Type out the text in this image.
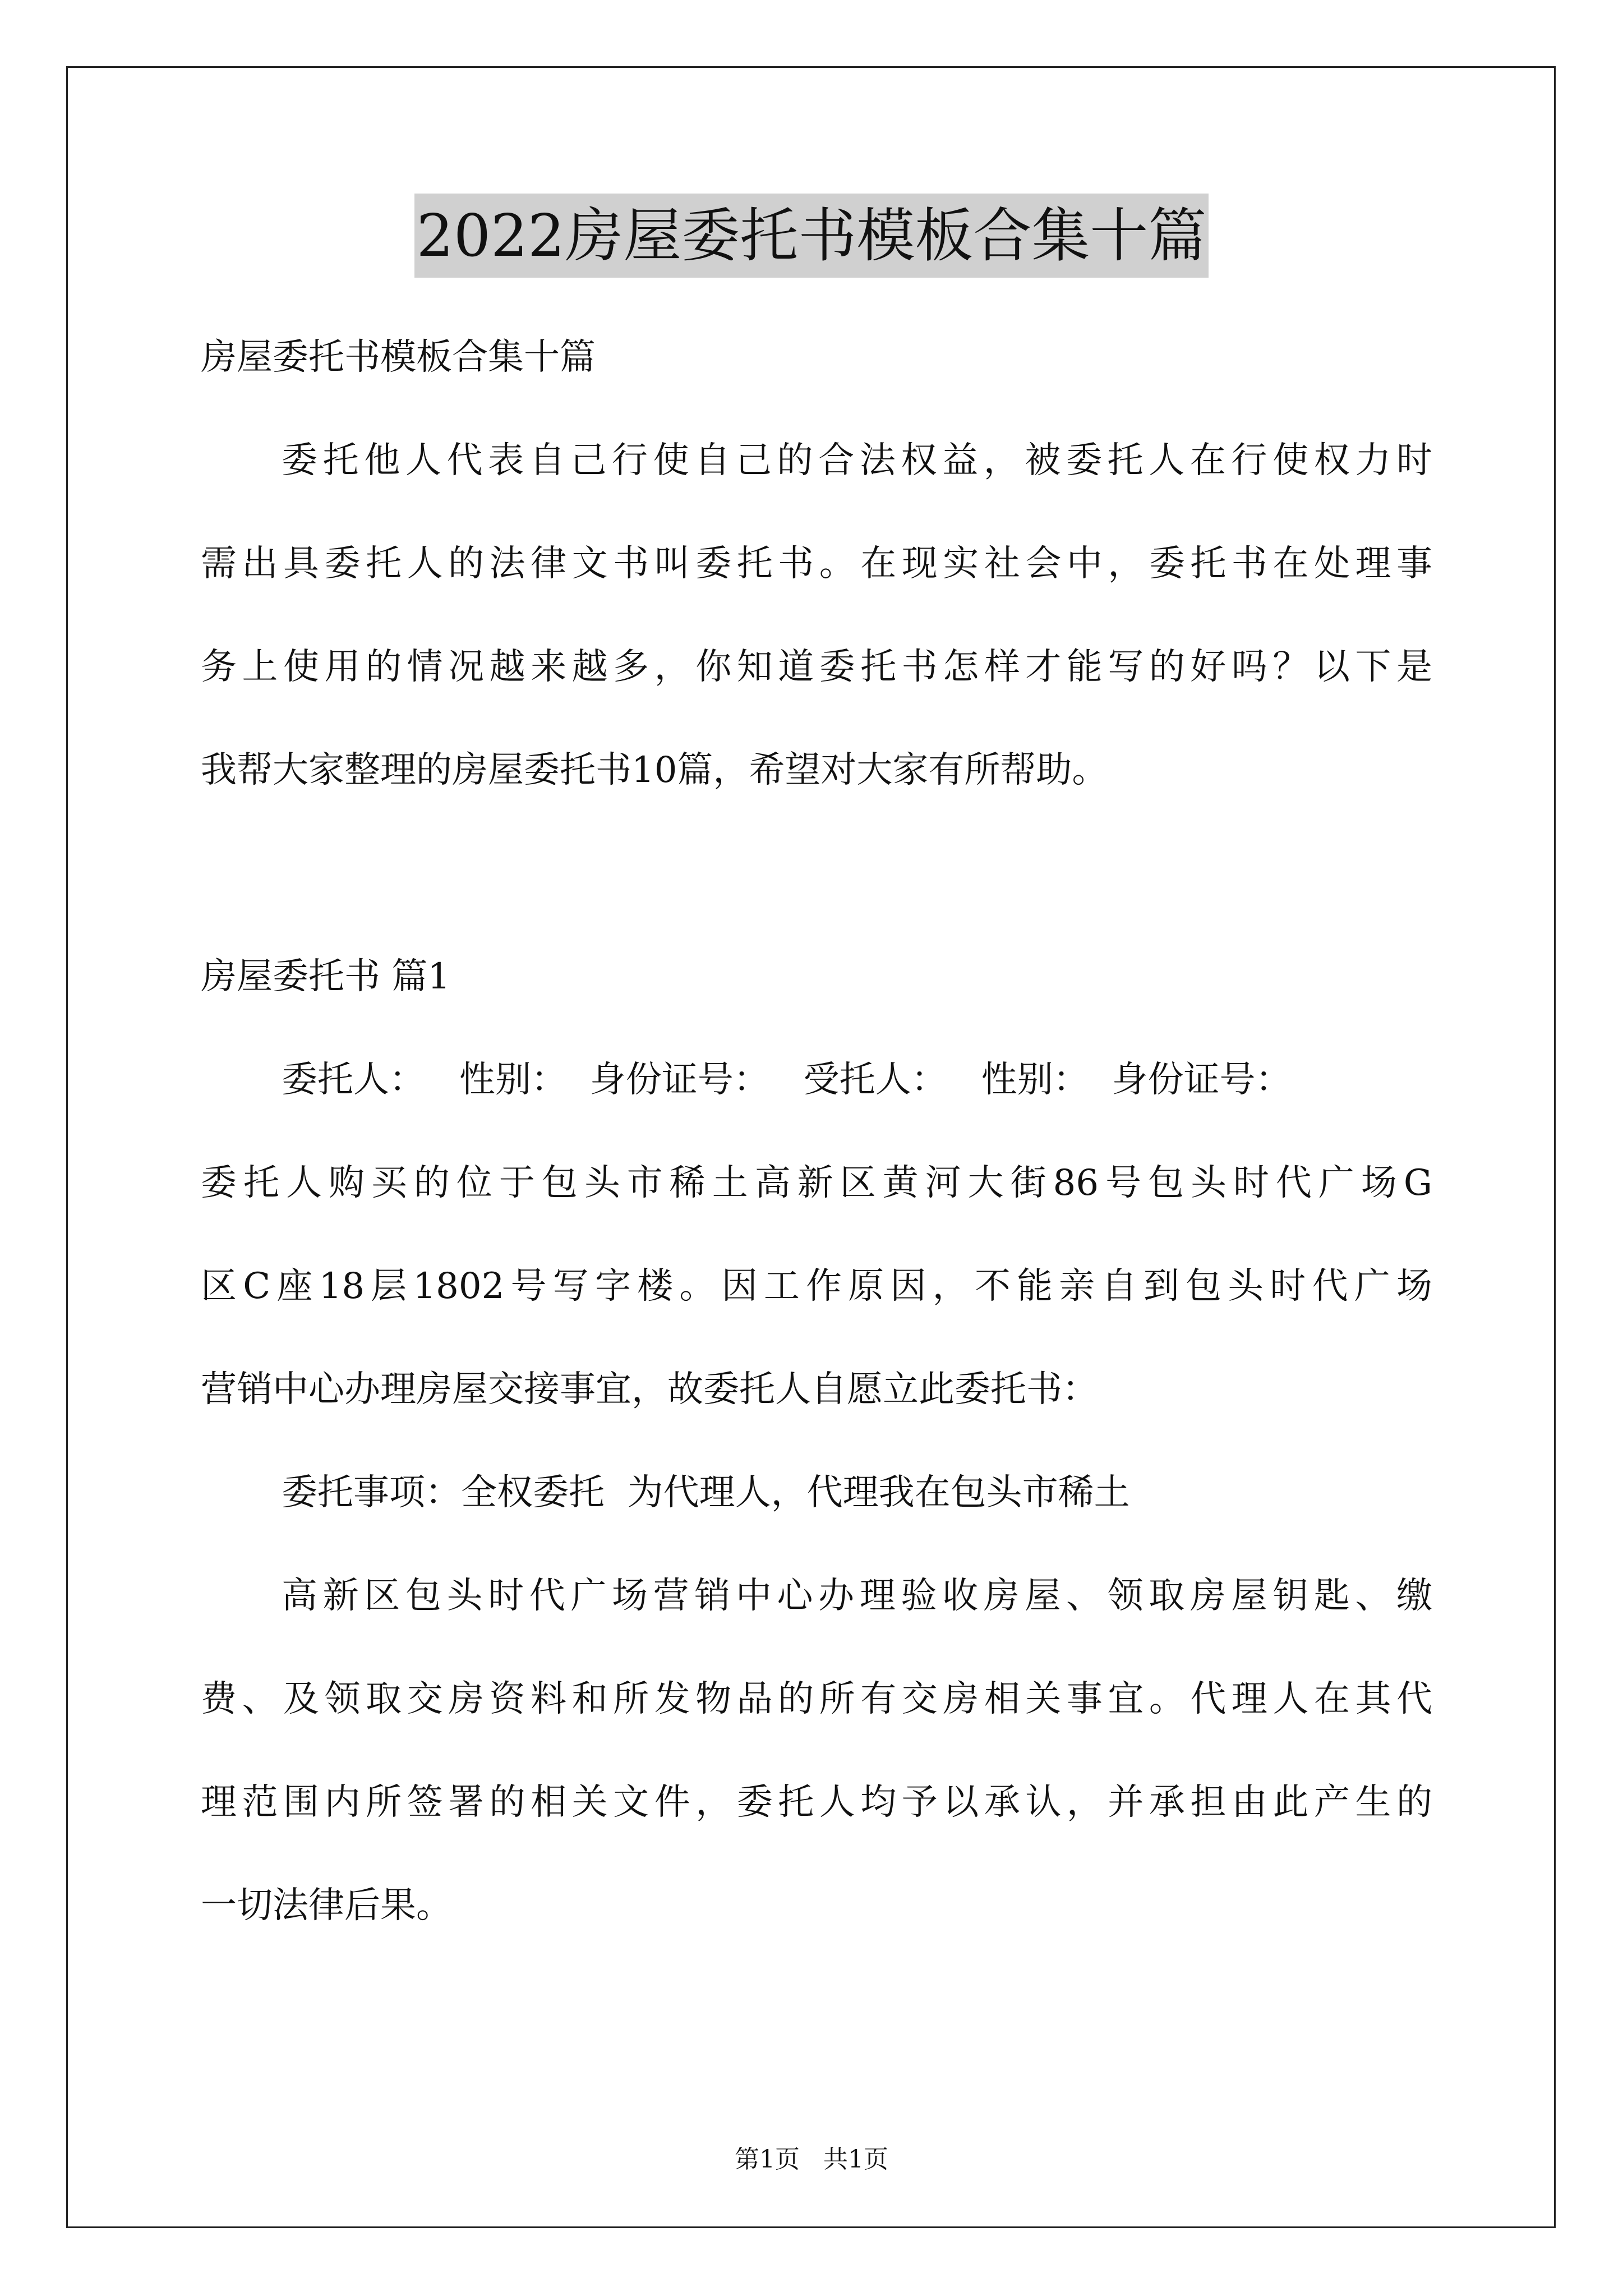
2022房屋委托书模板合集十篇
房屋委托书模板合集十篇
委托他人代表自己行使自己的合法权益，被委托人在行使权力时
需出具委托人的法律文书叫委托书。在现实社会中，委托书在处理事
务上使用的情况越来越多，你知道委托书怎样才能写的好吗？以下是
我帮大家整理的房屋委托书10篇，希望对大家有所帮助。
房屋委托书 篇1
委托人：   性别：  身份证号：   受托人：   性别：  身份证号：
委托人购买的位于包头市稀土高新区黄河大街86号包头时代广场G
区C座18层1802号写字楼。因工作原因，不能亲自到包头时代广场
营销中心办理房屋交接事宜，故委托人自愿立此委托书：
委托事项：全权委托  为代理人，代理我在包头市稀土
高新区包头时代广场营销中心办理验收房屋、领取房屋钥匙、缴
费、及领取交房资料和所发物品的所有交房相关事宜。代理人在其代
理范围内所签署的相关文件，委托人均予以承认，并承担由此产生的
一切法律后果。
第1页   共1页
